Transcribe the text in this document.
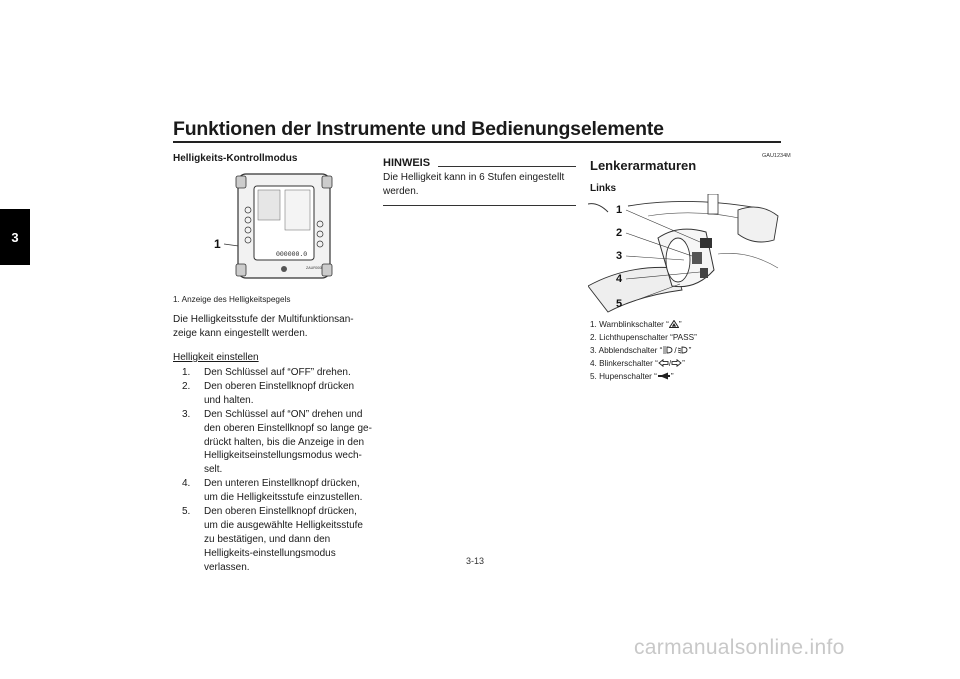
Funktionen der Instrumente und Bedienungselemente
3
Helligkeits-Kontrollmodus
1
000000.0
ZAUR000
1. Anzeige des Helligkeitspegels
Die Helligkeitsstufe der Multifunktionsan-
zeige kann eingestellt werden.
Helligkeit einstellen
1.	Den Schlüssel auf “OFF” drehen.
2.	Den oberen Einstellknopf drücken und halten.
3.	Den Schlüssel auf “ON” drehen und den oberen Einstellknopf so lange ge-drückt halten, bis die Anzeige in den Helligkeitseinstellungsmodus wech-selt.
4.	Den unteren Einstellknopf drücken, um die Helligkeitsstufe einzustellen.
5.	Den oberen Einstellknopf drücken, um die ausgewählte Helligkeitsstufe zu bestätigen, und dann den Helligkeits-einstellungsmodus verlassen.
HINWEIS
Die Helligkeit kann in 6 Stufen eingestellt werden.
GAU1234M
Lenkerarmaturen
Links
1
2
3
4
5
1. Warnblinkschalter “ ”
2. Lichthupenschalter “PASS”
3. Abblendschalter “ / ”
4. Blinkerschalter “ / ”
5. Hupenschalter “ ”
3-13
carmanualsonline.info
